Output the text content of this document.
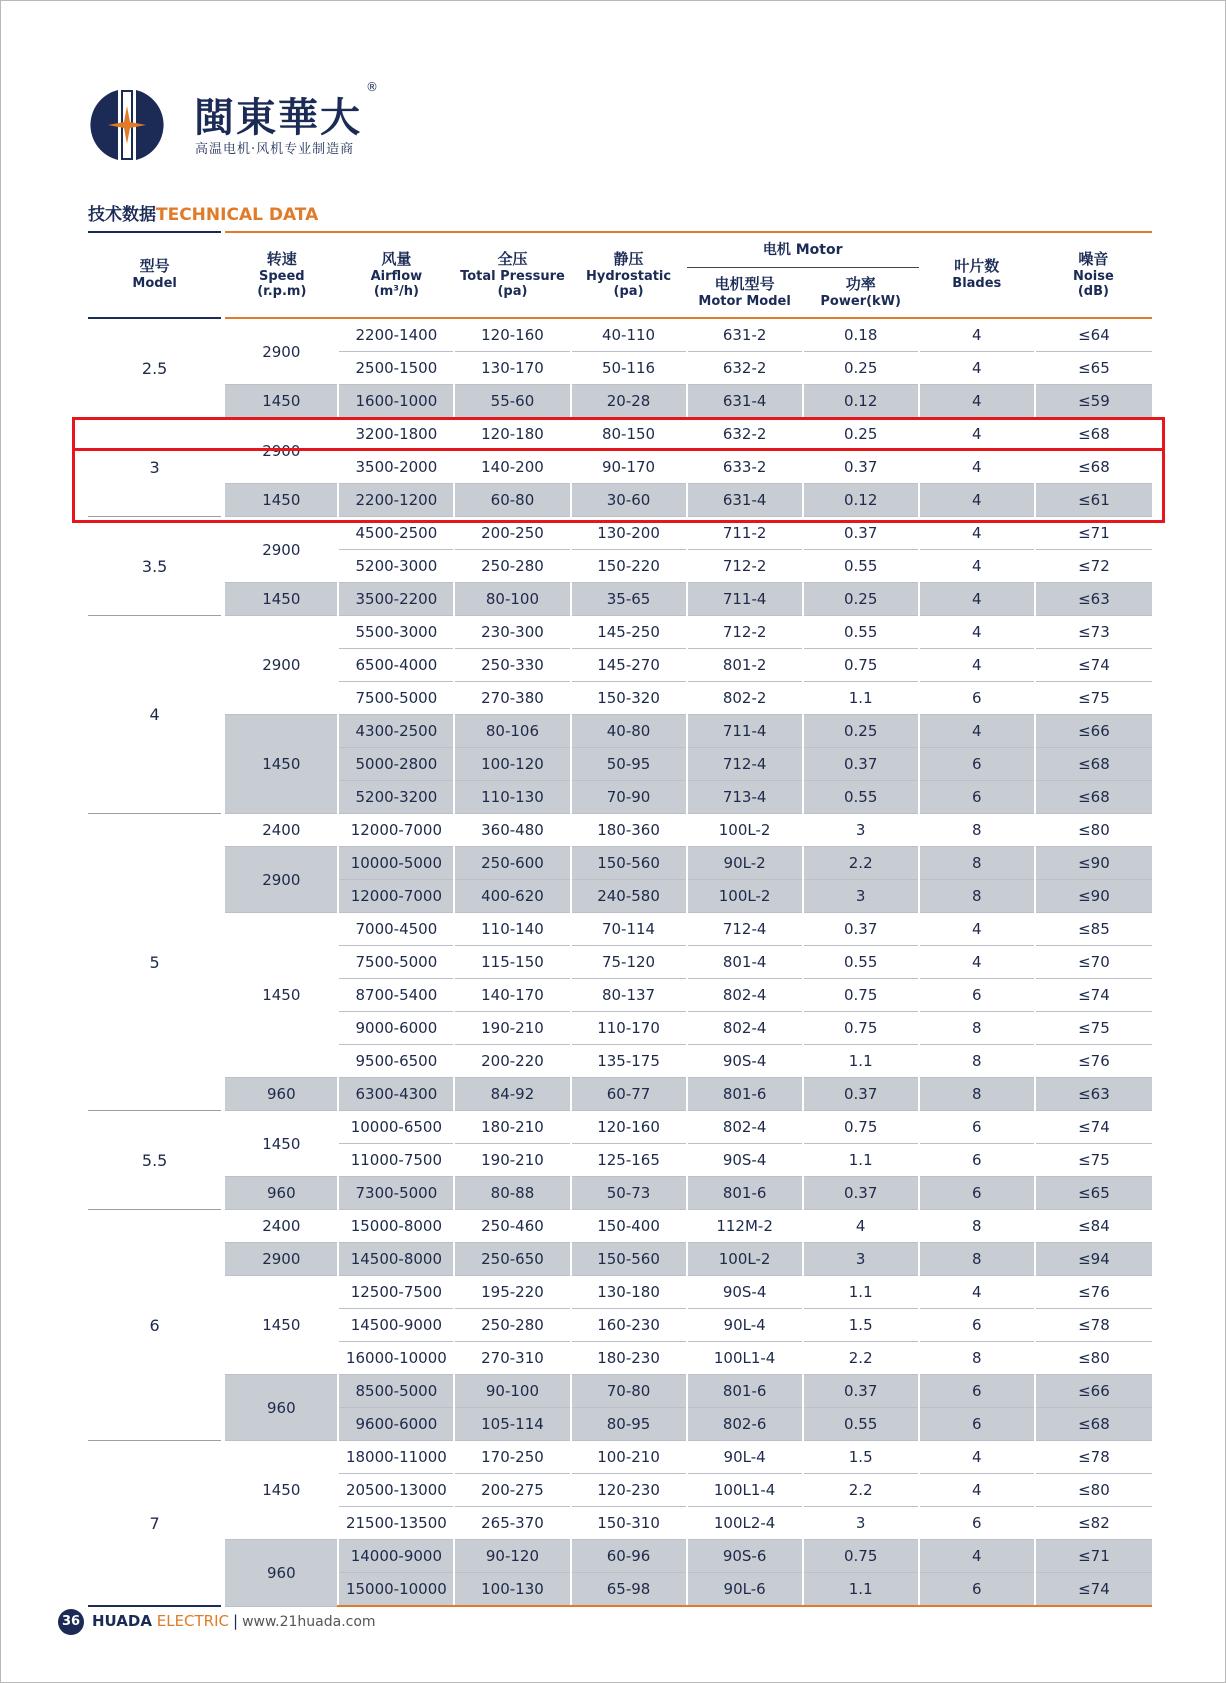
閩東華大
®
高温电机·风机专业制造商
技术数据TECHNICAL DATA
型号
Model	转速
Speed
(r.p.m)	风量
Airflow
(m³/h)	全压
Total Pressure
(pa)	静压
Hydrostatic
(pa)	电机 Motor		叶片数
Blades	噪音
Noise
(dB)

					电机型号
Motor Model	功率
Power(kW)		

2.5	2900	2200-1400	120-160	40-110	631-2	0.18	4	≤64
		2500-1500	130-170	50-116	632-2	0.25	4	≤65
	1450	1600-1000	55-60	20-28	631-4	0.12	4	≤59
3	2900	3200-1800	120-180	80-150	632-2	0.25	4	≤68
		3500-2000	140-200	90-170	633-2	0.37	4	≤68
	1450	2200-1200	60-80	30-60	631-4	0.12	4	≤61
3.5	2900	4500-2500	200-250	130-200	711-2	0.37	4	≤71
		5200-3000	250-280	150-220	712-2	0.55	4	≤72
	1450	3500-2200	80-100	35-65	711-4	0.25	4	≤63
4	2900	5500-3000	230-300	145-250	712-2	0.55	4	≤73
		6500-4000	250-330	145-270	801-2	0.75	4	≤74
		7500-5000	270-380	150-320	802-2	1.1	6	≤75
	1450	4300-2500	80-106	40-80	711-4	0.25	4	≤66
		5000-2800	100-120	50-95	712-4	0.37	6	≤68
		5200-3200	110-130	70-90	713-4	0.55	6	≤68
5	2400	12000-7000	360-480	180-360	100L-2	3	8	≤80
	2900	10000-5000	250-600	150-560	90L-2	2.2	8	≤90
		12000-7000	400-620	240-580	100L-2	3	8	≤90
	1450	7000-4500	110-140	70-114	712-4	0.37	4	≤85
		7500-5000	115-150	75-120	801-4	0.55	4	≤70
		8700-5400	140-170	80-137	802-4	0.75	6	≤74
		9000-6000	190-210	110-170	802-4	0.75	8	≤75
		9500-6500	200-220	135-175	90S-4	1.1	8	≤76
	960	6300-4300	84-92	60-77	801-6	0.37	8	≤63
5.5	1450	10000-6500	180-210	120-160	802-4	0.75	6	≤74
		11000-7500	190-210	125-165	90S-4	1.1	6	≤75
	960	7300-5000	80-88	50-73	801-6	0.37	6	≤65
6	2400	15000-8000	250-460	150-400	112M-2	4	8	≤84
	2900	14500-8000	250-650	150-560	100L-2	3	8	≤94
	1450	12500-7500	195-220	130-180	90S-4	1.1	4	≤76
		14500-9000	250-280	160-230	90L-4	1.5	6	≤78
		16000-10000	270-310	180-230	100L1-4	2.2	8	≤80
	960	8500-5000	90-100	70-80	801-6	0.37	6	≤66
		9600-6000	105-114	80-95	802-6	0.55	6	≤68
7	1450	18000-11000	170-250	100-210	90L-4	1.5	4	≤78
		20500-13000	200-275	120-230	100L1-4	2.2	4	≤80
		21500-13500	265-370	150-310	100L2-4	3	6	≤82
	960	14000-9000	90-120	60-96	90S-6	0.75	4	≤71
		15000-10000	100-130	65-98	90L-6	1.1	6	≤74
36 HUADA ELECTRIC | www.21huada.com
